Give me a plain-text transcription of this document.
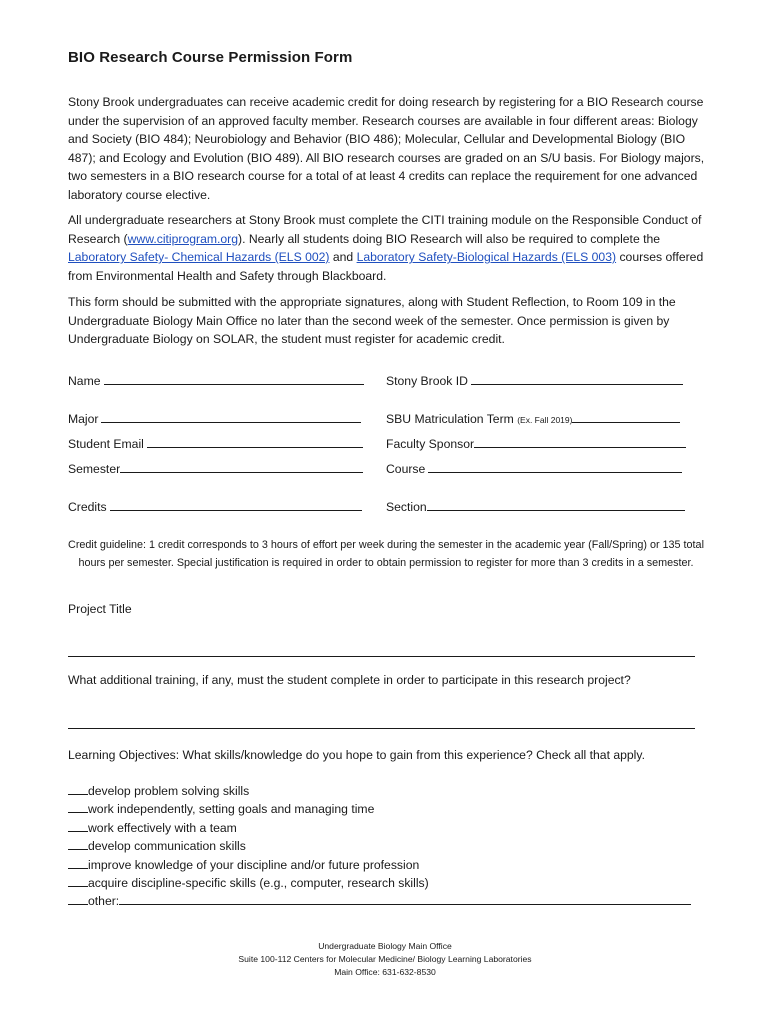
BIO Research Course Permission Form
Stony Brook undergraduates can receive academic credit for doing research by registering for a BIO Research course under the supervision of an approved faculty member. Research courses are available in four different areas: Biology and Society (BIO 484); Neurobiology and Behavior (BIO 486); Molecular, Cellular and Developmental Biology (BIO 487); and Ecology and Evolution (BIO 489). All BIO research courses are graded on an S/U basis. For Biology majors, two semesters in a BIO research course for a total of at least 4 credits can replace the requirement for one advanced laboratory course elective.
All undergraduate researchers at Stony Brook must complete the CITI training module on the Responsible Conduct of Research (www.citiprogram.org). Nearly all students doing BIO Research will also be required to complete the Laboratory Safety- Chemical Hazards (ELS 002) and Laboratory Safety-Biological Hazards (ELS 003) courses offered from Environmental Health and Safety through Blackboard.
This form should be submitted with the appropriate signatures, along with Student Reflection, to Room 109 in the Undergraduate Biology Main Office no later than the second week of the semester. Once permission is given by Undergraduate Biology on SOLAR, the student must register for academic credit.
Name
Major
Student Email
Semester
Credits
Stony Brook ID
SBU Matriculation Term (Ex. Fall 2019)
Faculty Sponsor
Course
Section
Credit guideline: 1 credit corresponds to 3 hours of effort per week during the semester in the academic year (Fall/Spring) or 135 total hours per semester. Special justification is required in order to obtain permission to register for more than 3 credits in a semester.
Project Title
What additional training, if any, must the student complete in order to participate in this research project?
Learning Objectives: What skills/knowledge do you hope to gain from this experience? Check all that apply.
develop problem solving skills
work independently, setting goals and managing time
work effectively with a team
develop communication skills
improve knowledge of your discipline and/or future profession
acquire discipline-specific skills (e.g., computer, research skills)
other:
Undergraduate Biology Main Office
Suite 100-112 Centers for Molecular Medicine/ Biology Learning Laboratories
Main Office: 631-632-8530
